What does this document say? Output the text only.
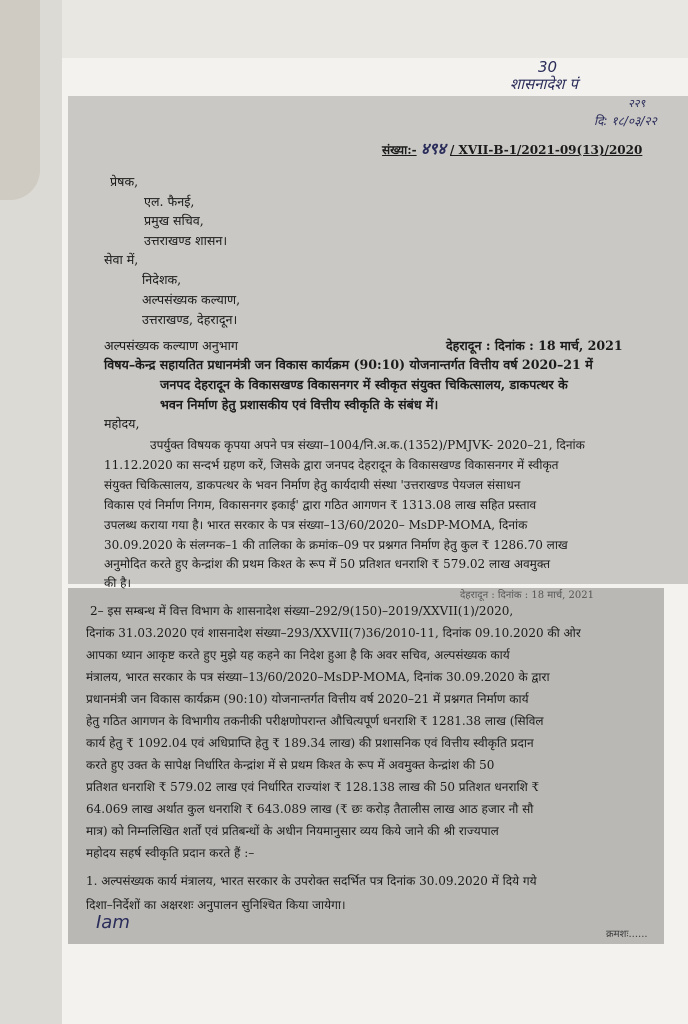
30
शासनादेश पं
२२९
दि: १८/०३/२२
संख्या:- ४९४ / XVII-B-1/2021-09(13)/2020
प्रेषक,
एल. फैनई,
प्रमुख सचिव,
उत्तराखण्ड शासन।
सेवा में,
निदेशक,
अल्पसंख्यक कल्याण,
उत्तराखण्ड, देहरादून।
अल्पसंख्यक कल्याण अनुभाग	देहरादून : दिनांक : 18 मार्च, 2021
विषय–केन्द्र सहायतित प्रधानमंत्री जन विकास कार्यक्रम (90:10) योजनान्तर्गत वित्तीय वर्ष 2020–21 में
जनपद देहरादून के विकासखण्ड विकासनगर में स्वीकृत संयुक्त चिकित्सालय, डाकपत्थर के
भवन निर्माण हेतु प्रशासकीय एवं वित्तीय स्वीकृति के संबंध में।
महोदय,
उपर्युक्त विषयक कृपया अपने पत्र संख्या–1004/नि.अ.क.(1352)/PMJVK- 2020–21, दिनांक
11.12.2020 का सन्दर्भ ग्रहण करें, जिसके द्वारा जनपद देहरादून के विकासखण्ड विकासनगर में स्वीकृत
संयुक्त चिकित्सालय, डाकपत्थर के भवन निर्माण हेतु कार्यदायी संस्था 'उत्तराखण्ड पेयजल संसाधन
विकास एवं निर्माण निगम, विकासनगर इकाई' द्वारा गठित आगणन ₹ 1313.08 लाख सहित प्रस्ताव
उपलब्ध कराया गया है। भारत सरकार के पत्र संख्या–13/60/2020– MsDP-MOMA, दिनांक
30.09.2020 के संलग्नक–1 की तालिका के क्रमांक–09 पर प्रश्नगत निर्माण हेतु कुल ₹ 1286.70 लाख
अनुमोदित करते हुए केन्द्रांश की प्रथम किश्त के रूप में 50 प्रतिशत धनराशि ₹ 579.02 लाख अवमुक्त
की है।
देहरादून : दिनांक : 18 मार्च, 2021
2– इस सम्बन्ध में वित्त विभाग के शासनादेश संख्या–292/9(150)–2019/XXVII(1)/2020,
दिनांक 31.03.2020 एवं शासनादेश संख्या–293/XXVII(7)36/2010-11, दिनांक 09.10.2020 की ओर
आपका ध्यान आकृष्ट करते हुए मुझे यह कहने का निदेश हुआ है कि अवर सचिव, अल्पसंख्यक कार्य
मंत्रालय, भारत सरकार के पत्र संख्या–13/60/2020–MsDP-MOMA, दिनांक 30.09.2020 के द्वारा
प्रधानमंत्री जन विकास कार्यक्रम (90:10) योजनान्तर्गत वित्तीय वर्ष 2020–21 में प्रश्नगत निर्माण कार्य
हेतु गठित आगणन के विभागीय तकनीकी परीक्षणोपरान्त औचित्यपूर्ण धनराशि ₹ 1281.38 लाख (सिविल
कार्य हेतु ₹ 1092.04 एवं अधिप्राप्ति हेतु ₹ 189.34 लाख) की प्रशासनिक एवं वित्तीय स्वीकृति प्रदान
करते हुए उक्त के सापेक्ष निर्धारित केन्द्रांश में से प्रथम किश्त के रूप में अवमुक्त केन्द्रांश की 50
प्रतिशत धनराशि ₹ 579.02 लाख एवं निर्धारित राज्यांश ₹ 128.138 लाख की 50 प्रतिशत धनराशि ₹
64.069 लाख अर्थात कुल धनराशि ₹ 643.089 लाख (₹ छः करोड़ तैतालीस लाख आठ हजार नौ सौ
मात्र) को निम्नलिखित शर्तों एवं प्रतिबन्धों के अधीन नियमानुसार व्यय किये जाने की श्री राज्यपाल
महोदय सहर्ष स्वीकृति प्रदान करते हैं :–
1. अल्पसंख्यक कार्य मंत्रालय, भारत सरकार के उपरोक्त सदर्भित पत्र दिनांक 30.09.2020 में दिये गये
दिशा–निर्देशों का अक्षरशः अनुपालन सुनिश्चित किया जायेगा।
Iam
क्रमशः......
